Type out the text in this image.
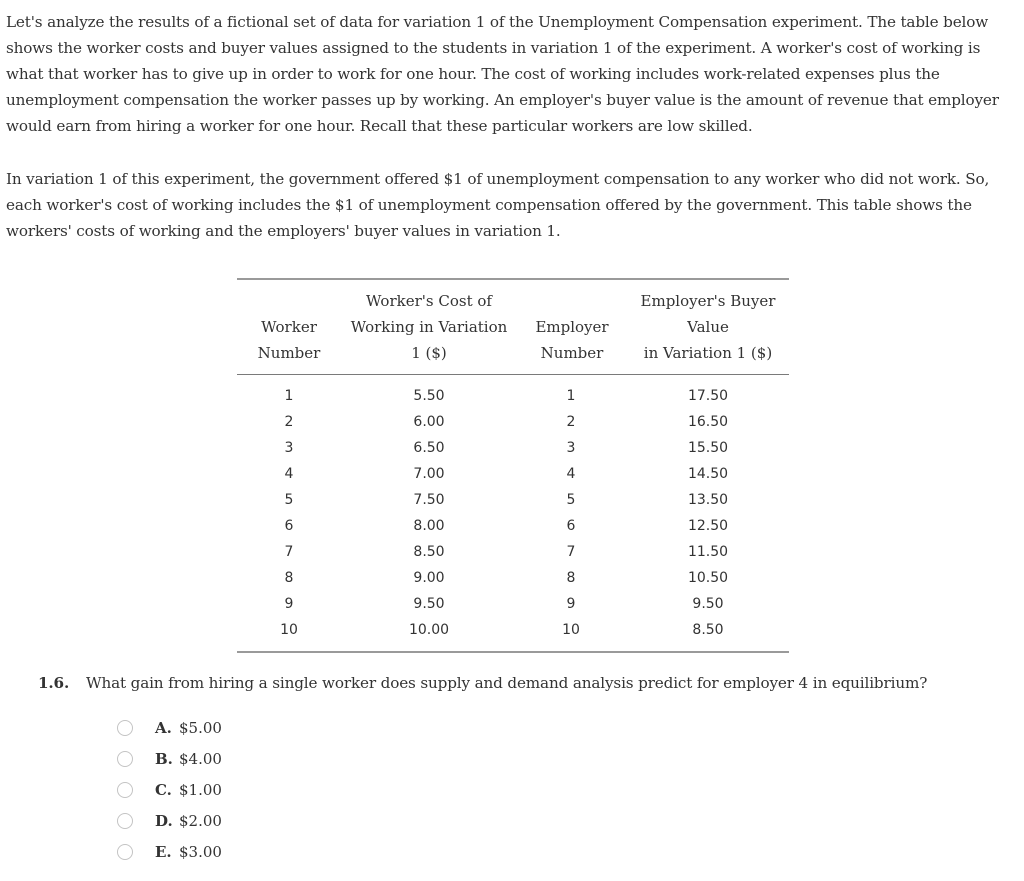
Let's analyze the results of a fictional set of data for variation 1 of the Unemployment Compensation experiment. The table below shows the worker costs and buyer values assigned to the students in variation 1 of the experiment. A worker's cost of working is what that worker has to give up in order to work for one hour. The cost of working includes work-related expenses plus the unemployment compensation the worker passes up by working. An employer's buyer value is the amount of revenue that employer would earn from hiring a worker for one hour. Recall that these particular workers are low skilled.

In variation 1 of this experiment, the government offered $1 of unemployment compensation to any worker who did not work. So, each worker's cost of working includes the $1 of unemployment compensation offered by the government. This table shows the workers' costs of working and the employers' buyer values in variation 1.

Worker
Number
Worker's Cost of
Working in Variation
1 ($)
Employer
Number
Employer's Buyer
Value
in Variation 1 ($)
1
2
3
4
5
6
7
8
9
10
5.50
6.00
6.50
7.00
7.50
8.00
8.50
9.00
9.50
10.00
1
2
3
4
5
6
7
8
9
10
17.50
16.50
15.50
14.50
13.50
12.50
11.50
10.50
9.50
8.50
1.6. What gain from hiring a single worker does supply and demand analysis predict for employer 4 in equilibrium?
A. $5.00
B. $4.00
C. $1.00
D. $2.00
E. $3.00
